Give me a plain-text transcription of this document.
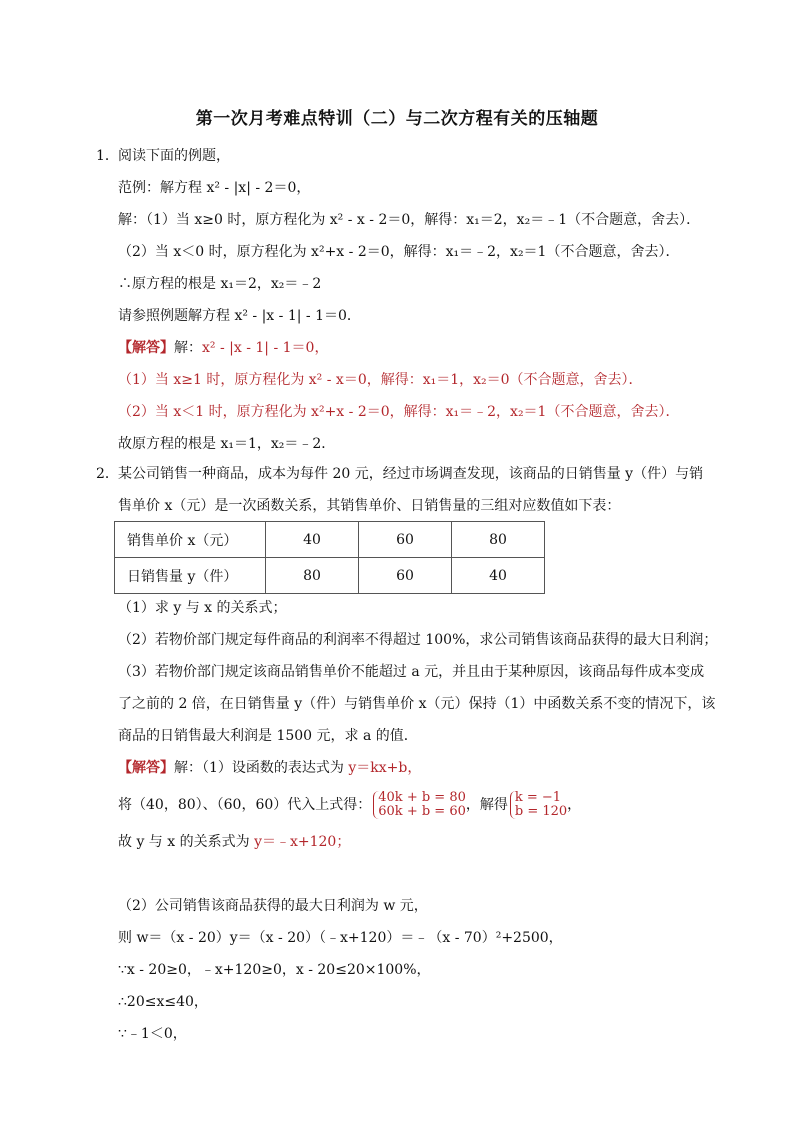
第一次月考难点特训（二）与二次方程有关的压轴题
1． 阅读下面的例题，
范例：解方程 x² - |x| - 2＝0，
解：（1）当 x≥0 时，原方程化为 x² - x - 2＝0，解得：x₁＝2，x₂＝﹣1（不合题意，舍去）．
（2）当 x＜0 时，原方程化为 x²+x - 2＝0，解得：x₁＝﹣2，x₂＝1（不合题意，舍去）．
∴原方程的根是 x₁＝2，x₂＝﹣2
请参照例题解方程 x² - |x - 1| - 1＝0．
【解答】解：x² - |x - 1| - 1＝0，
（1）当 x≥1 时，原方程化为 x² - x＝0，解得：x₁＝1，x₂＝0（不合题意，舍去）．
（2）当 x＜1 时，原方程化为 x²+x - 2＝0，解得：x₁＝﹣2，x₂＝1（不合题意，舍去）．
故原方程的根是 x₁＝1，x₂＝﹣2．
2． 某公司销售一种商品，成本为每件 20 元，经过市场调查发现，该商品的日销售量 y（件）与销
售单价 x（元）是一次函数关系，其销售单价、日销售量的三组对应数值如下表：
销售单价 x（元）	40	60	80
日销售量 y（件）	80	60	40
（1）求 y 与 x 的关系式；
（2）若物价部门规定每件商品的利润率不得超过 100%，求公司销售该商品获得的最大日利润；
（3）若物价部门规定该商品销售单价不能超过 a 元，并且由于某种原因，该商品每件成本变成
了之前的 2 倍，在日销售量 y（件）与销售单价 x（元）保持（1）中函数关系不变的情况下，该
商品的日销售最大利润是 1500 元，求 a 的值．
【解答】解：（1）设函数的表达式为 y＝kx+b，
将（40，80）、（60，60）代入上式得： 40k + b = 80
60k + b = 60，解得 k = −1
b = 120，
故 y 与 x 的关系式为 y＝﹣x+120；
（2）公司销售该商品获得的最大日利润为 w 元，
则 w＝（x - 20）y＝（x - 20）（﹣x+120）＝﹣（x - 70）²+2500，
∵x - 20≥0，﹣x+120≥0，x - 20≤20×100%，
∴20≤x≤40，
∵﹣1＜0，
